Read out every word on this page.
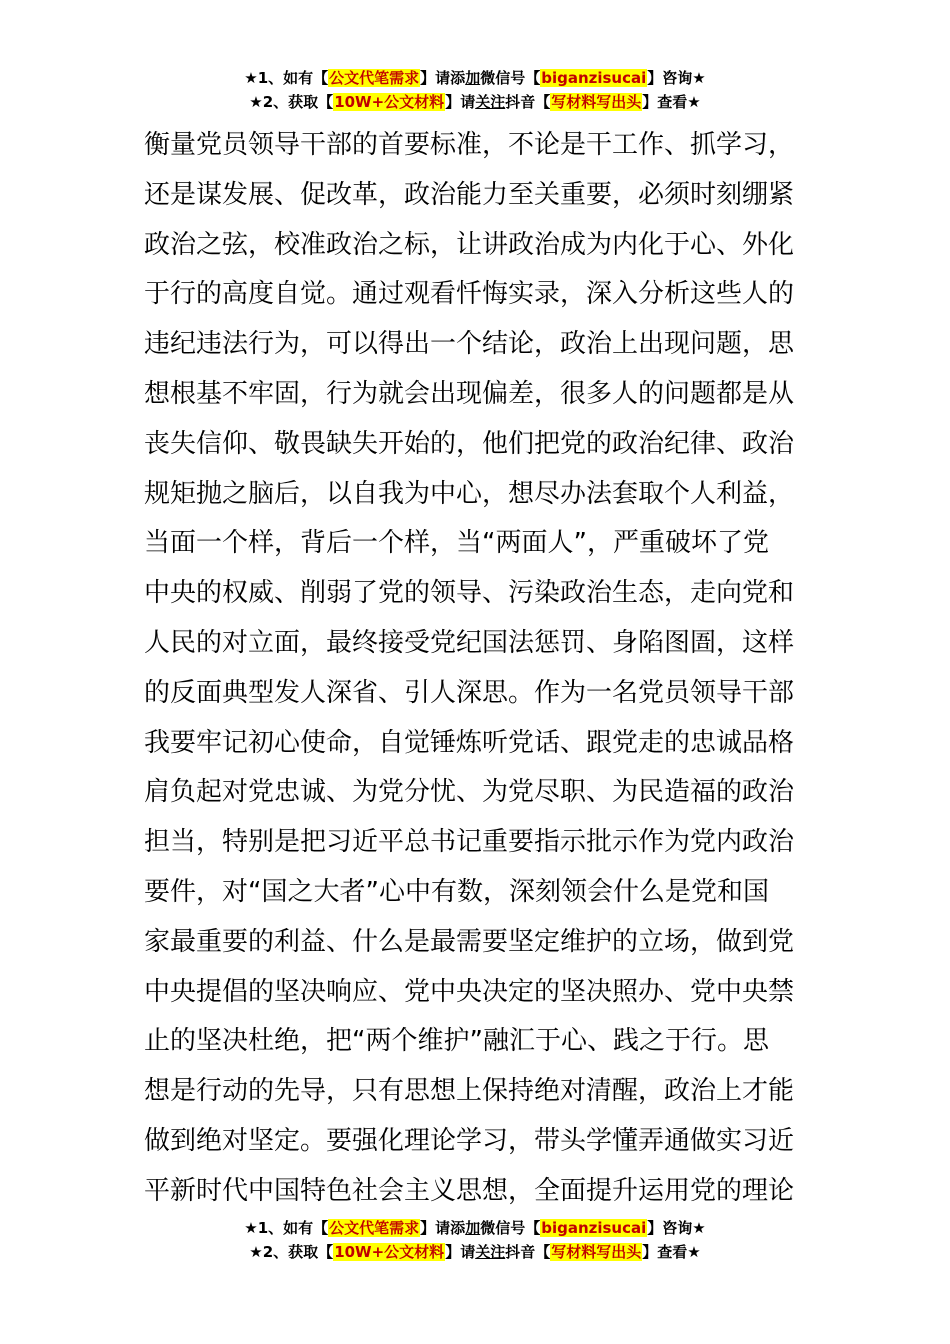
★1、如有【公文代笔需求】请添加微信号【biganzisucai】咨询★
★2、获取【10W+公文材料】请关注抖音【写材料写出头】查看★
衡量党员领导干部的首要标准，不论是干工作、抓学习，
还是谋发展、促改革，政治能力至关重要，必须时刻绷紧
政治之弦，校准政治之标，让讲政治成为内化于心、外化
于行的高度自觉。通过观看忏悔实录，深入分析这些人的
违纪违法行为，可以得出一个结论，政治上出现问题，思
想根基不牢固，行为就会出现偏差，很多人的问题都是从
丧失信仰、敬畏缺失开始的，他们把党的政治纪律、政治
规矩抛之脑后，以自我为中心，想尽办法套取个人利益，
当面一个样，背后一个样，当“两面人”，严重破坏了党
中央的权威、削弱了党的领导、污染政治生态，走向党和
人民的对立面，最终接受党纪国法惩罚、身陷图圄，这样
的反面典型发人深省、引人深思。作为一名党员领导干部
我要牢记初心使命，自觉锤炼听党话、跟党走的忠诚品格
肩负起对党忠诚、为党分忧、为党尽职、为民造福的政治
担当，特别是把习近平总书记重要指示批示作为党内政治
要件，对“国之大者”心中有数，深刻领会什么是党和国
家最重要的利益、什么是最需要坚定维护的立场，做到党
中央提倡的坚决响应、党中央决定的坚决照办、党中央禁
止的坚决杜绝，把“两个维护”融汇于心、践之于行。思
想是行动的先导，只有思想上保持绝对清醒，政治上才能
做到绝对坚定。要强化理论学习，带头学懂弄通做实习近
平新时代中国特色社会主义思想，全面提升运用党的理论
★1、如有【公文代笔需求】请添加微信号【biganzisucai】咨询★
★2、获取【10W+公文材料】请关注抖音【写材料写出头】查看★
